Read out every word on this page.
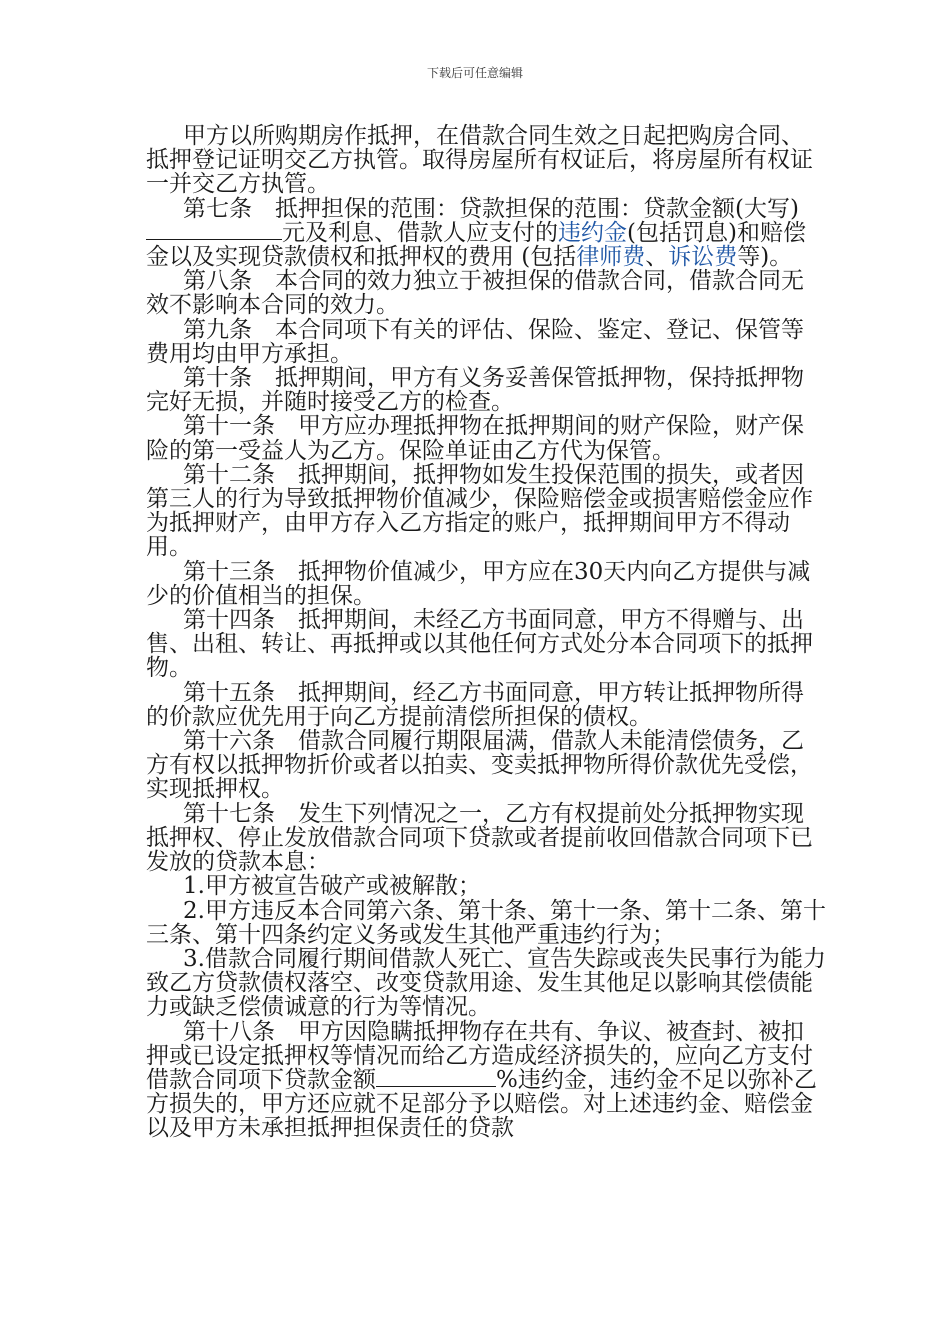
下载后可任意编辑

甲方以所购期房作抵押，在借款合同生效之日起把购房合同、抵押登记证明交乙方执管。取得房屋所有权证后，将房屋所有权证一并交乙方执管。

第七条　抵押担保的范围：贷款担保的范围：贷款金额(大写)元及利息、借款人应支付的违约金(包括罚息)和赔偿金以及实现贷款债权和抵押权的费用 (包括律师费、诉讼费等)。

第八条　本合同的效力独立于被担保的借款合同，借款合同无效不影响本合同的效力。

第九条　本合同项下有关的评估、保险、鉴定、登记、保管等费用均由甲方承担。

第十条　抵押期间，甲方有义务妥善保管抵押物，保持抵押物完好无损，并随时接受乙方的检查。

第十一条　甲方应办理抵押物在抵押期间的财产保险，财产保险的第一受益人为乙方。保险单证由乙方代为保管。

第十二条　抵押期间，抵押物如发生投保范围的损失，或者因第三人的行为导致抵押物价值减少，保险赔偿金或损害赔偿金应作为抵押财产，由甲方存入乙方指定的账户，抵押期间甲方不得动用。

第十三条　抵押物价值减少，甲方应在30天内向乙方提供与减少的价值相当的担保。

第十四条　抵押期间，未经乙方书面同意，甲方不得赠与、出售、出租、转让、再抵押或以其他任何方式处分本合同项下的抵押物。

第十五条　抵押期间，经乙方书面同意，甲方转让抵押物所得的价款应优先用于向乙方提前清偿所担保的债权。

第十六条　借款合同履行期限届满，借款人未能清偿债务，乙方有权以抵押物折价或者以拍卖、变卖抵押物所得价款优先受偿，实现抵押权。

第十七条　发生下列情况之一，乙方有权提前处分抵押物实现抵押权、停止发放借款合同项下贷款或者提前收回借款合同项下已发放的贷款本息：

1.甲方被宣告破产或被解散；

2.甲方违反本合同第六条、第十条、第十一条、第十二条、第十三条、第十四条约定义务或发生其他严重违约行为；

3.借款合同履行期间借款人死亡、宣告失踪或丧失民事行为能力致乙方贷款债权落空、改变贷款用途、发生其他足以影响其偿债能力或缺乏偿债诚意的行为等情况。

第十八条　甲方因隐瞒抵押物存在共有、争议、被查封、被扣押或已设定抵押权等情况而给乙方造成经济损失的，应向乙方支付借款合同项下贷款金额	%违约金，违约金不足以弥补乙方损失的，甲方还应就不足部分予以赔偿。对上述违约金、赔偿金以及甲方未承担抵押担保责任的贷款
